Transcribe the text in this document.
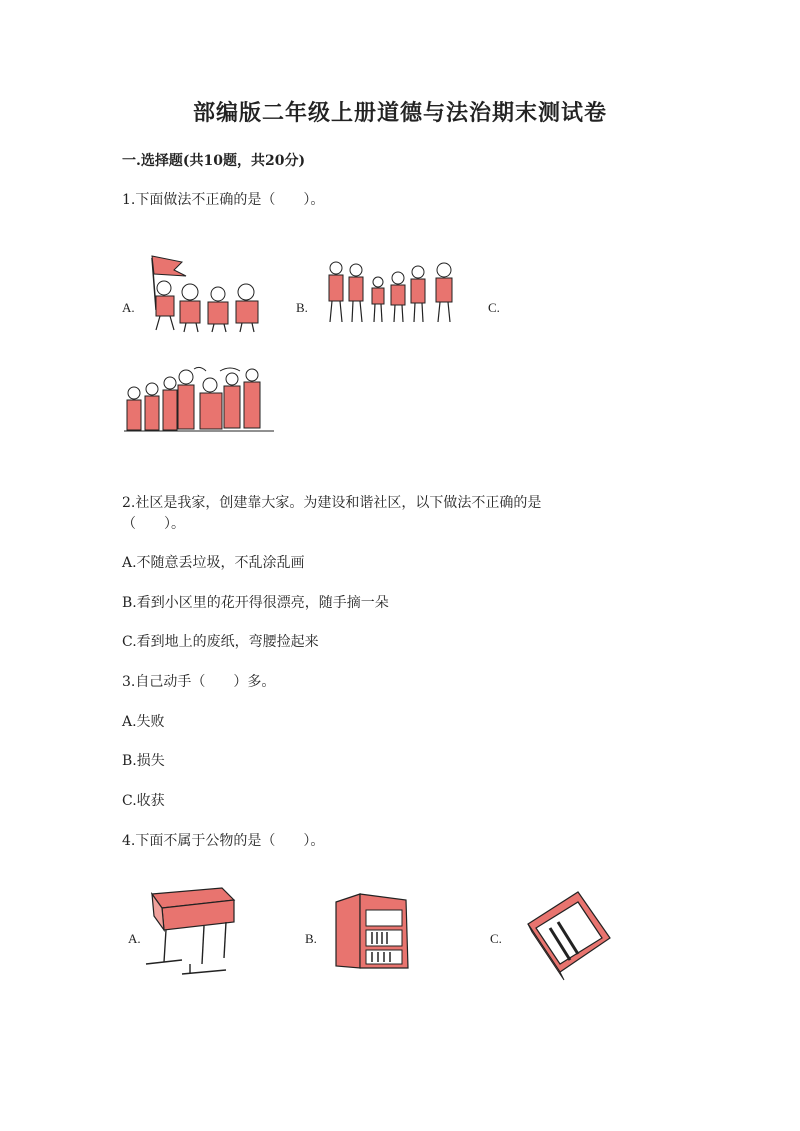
部编版二年级上册道德与法治期末测试卷
一.选择题(共10题，共20分)
1.下面做法不正确的是（　　）。
A.	B.	C.
2.社区是我家，创建靠大家。为建设和谐社区，以下做法不正确的是
（　　）。
A.不随意丢垃圾，不乱涂乱画
B.看到小区里的花开得很漂亮，随手摘一朵
C.看到地上的废纸，弯腰捡起来
3.自己动手（　　）多。
A.失败
B.损失
C.收获
4.下面不属于公物的是（　　）。
A.	B.	C.
